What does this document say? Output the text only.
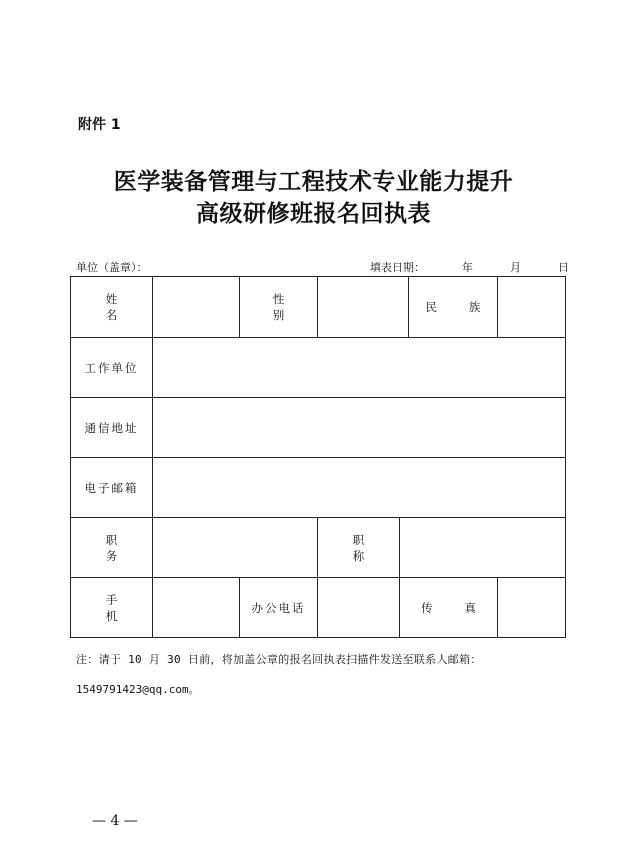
附件 1
医学装备管理与工程技术专业能力提升
高级研修班报名回执表
单位（盖章）：	填表日期：	年	月	日
姓 名		性 别			民 族	
工作单位						
通信地址						
电子邮箱						
职 务			职 称			
手 机		办公电话		传 真		
注：请于 10 月 30 日前，将加盖公章的报名回执表扫描件发送至联系人邮箱：
1549791423@qq.com。
— 4 —
